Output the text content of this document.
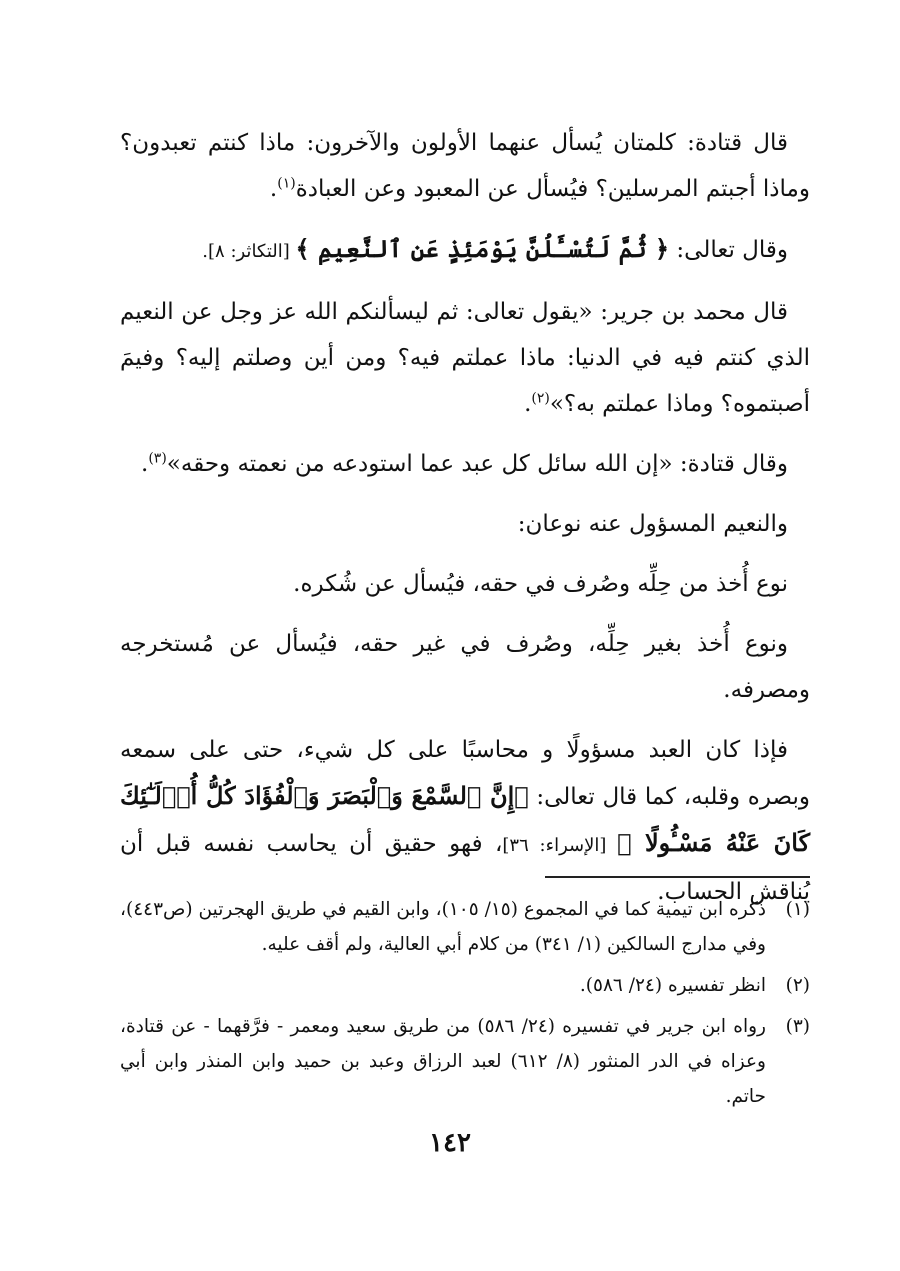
قال قتادة: كلمتان يُسأل عنهما الأولون والآخرون: ماذا كنتم تعبدون؟ وماذا أجبتم المرسلين؟ فيُسأل عن المعبود وعن العبادة$^{(١)}$.

وقال تعالى: ﴿ ثُمَّ لَتُسْـَٔلُنَّ يَوْمَئِذٍ عَنِ ٱلنَّعِيمِ ﴾ [التكاثر: ٨].

قال محمد بن جرير: «يقول تعالى: ثم ليسألنكم الله عز وجل عن النعيم الذي كنتم فيه في الدنيا: ماذا عملتم فيه؟ ومن أين وصلتم إليه؟ وفيمَ أصبتموه؟ وماذا عملتم به؟»$^{(٢)}$.

وقال قتادة: «إن الله سائل كل عبد عما استودعه من نعمته وحقه»$^{(٣)}$.

والنعيم المسؤول عنه نوعان:

نوع أُخذ من حِلِّه وصُرف في حقه، فيُسأل عن شُكره.

ونوع أُخذ بغير حِلِّه، وصُرف في غير حقه، فيُسأل عن مُستخرجه ومصرفه.

فإذا كان العبد مسؤولًا و محاسبًا على كل شيء، حتى على سمعه وبصره وقلبه، كما قال تعالى: ﴿إِنَّ ٱلسَّمْعَ وَٱلْبَصَرَ وَٱلْفُؤَادَ كُلُّ أُو۟لَـٰٓئِكَ كَانَ عَنْهُ مَسْـُٔولًا ﴾ [الإسراء: ٣٦]، فهو حقيق أن يحاسب نفسه قبل أن يُناقش الحساب.

(١)
ذكره ابن تيمية كما في المجموع (١٥/ ١٠٥)، وابن القيم في طريق الهجرتين (ص٤٤٣)، وفي مدارج السالكين (١/ ٣٤١) من كلام أبي العالية، ولم أقف عليه.
(٢)
انظر تفسيره (٢٤/ ٥٨٦).
(٣)
رواه ابن جرير في تفسيره (٢٤/ ٥٨٦) من طريق سعيد ومعمر - فرَّقهما - عن قتادة، وعزاه في الدر المنثور (٨/ ٦١٢) لعبد الرزاق وعبد بن حميد وابن المنذر وابن أبي حاتم.
١٤٢
